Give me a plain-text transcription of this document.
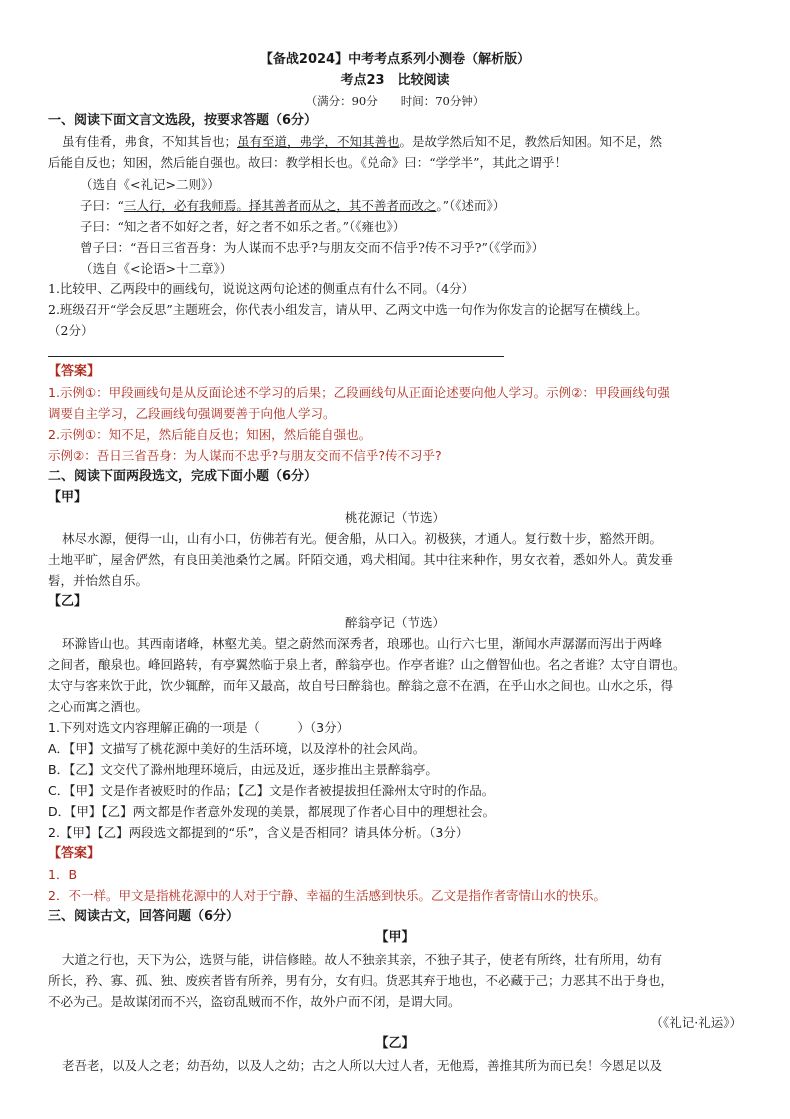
【备战2024】中考考点系列小测卷（解析版）
考点23　比较阅读
（满分：90分　　时间：70分钟）
一、阅读下面文言文选段，按要求答题（6分）
虽有佳肴，弗食，不知其旨也；虽有至道，弗学，不知其善也。是故学然后知不足，教然后知困。知不足，然
后能自反也；知困，然后能自强也。故曰：教学相长也。《兑命》曰：“学学半”，其此之谓乎！
（选自《<礼记>二则》）
子曰：“三人行，必有我师焉。择其善者而从之，其不善者而改之。”（《述而》）
子曰：“知之者不如好之者，好之者不如乐之者。”（《雍也》）
曾子曰：“吾日三省吾身：为人谋而不忠乎?与朋友交而不信乎?传不习乎?”（《学而》）
（选自《<论语>十二章》）
1.比较甲、乙两段中的画线句，说说这两句论述的侧重点有什么不同。（4分）
2.班级召开“学会反思”主题班会，你代表小组发言，请从甲、乙两文中选一句作为你发言的论据写在横线上。
（2分）
【答案】
1.示例①：甲段画线句是从反面论述不学习的后果；乙段画线句从正面论述要向他人学习。示例②：甲段画线句强
调要自主学习，乙段画线句强调要善于向他人学习。
2.示例①：知不足，然后能自反也；知困，然后能自强也。
示例②：吾日三省吾身：为人谋而不忠乎?与朋友交而不信乎?传不习乎?
二、阅读下面两段选文，完成下面小题（6分）
【甲】
桃花源记（节选）
林尽水源，便得一山，山有小口，仿佛若有光。便舍船，从口入。初极狭，才通人。复行数十步，豁然开朗。
土地平旷，屋舍俨然，有良田美池桑竹之属。阡陌交通，鸡犬相闻。其中往来种作，男女衣着，悉如外人。黄发垂
髫，并怡然自乐。
【乙】
醉翁亭记（节选）
环滁皆山也。其西南诸峰，林壑尤美。望之蔚然而深秀者，琅琊也。山行六七里，渐闻水声潺潺而泻出于两峰
之间者，酿泉也。峰回路转，有亭翼然临于泉上者，醉翁亭也。作亭者谁？山之僧智仙也。名之者谁？太守自谓也。
太守与客来饮于此，饮少辄醉，而年又最高，故自号曰醉翁也。醉翁之意不在酒，在乎山水之间也。山水之乐，得
之心而寓之酒也。
1.下列对选文内容理解正确的一项是（　　　）（3分）
A．【甲】文描写了桃花源中美好的生活环境，以及淳朴的社会风尚。
B．【乙】文交代了滁州地理环境后，由远及近，逐步推出主景醉翁亭。
C．【甲】文是作者被贬时的作品；【乙】文是作者被提拔担任滁州太守时的作品。
D．【甲】【乙】两文都是作者意外发现的美景，都展现了作者心目中的理想社会。
2.【甲】【乙】两段选文都提到的“乐”，含义是否相同？请具体分析。（3分）
【答案】
1．B
2．不一样。甲文是指桃花源中的人对于宁静、幸福的生活感到快乐。乙文是指作者寄情山水的快乐。
三、阅读古文，回答问题（6分）
【甲】
大道之行也，天下为公，选贤与能，讲信修睦。故人不独亲其亲，不独子其子，使老有所终，壮有所用，幼有
所长，矜、寡、孤、独、废疾者皆有所养，男有分，女有归。货恶其弃于地也，不必藏于己；力恶其不出于身也，
不必为己。是故谋闭而不兴，盗窃乱贼而不作，故外户而不闭，是谓大同。
（《礼记·礼运》）
【乙】
老吾老，以及人之老；幼吾幼，以及人之幼；古之人所以大过人者，无他焉，善推其所为而已矣！今恩足以及
